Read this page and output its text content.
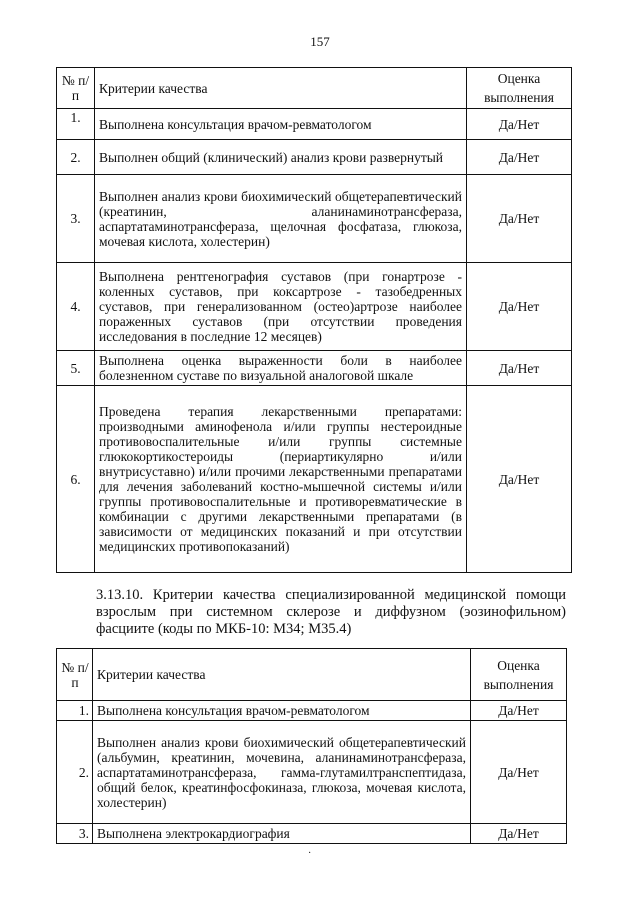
157
№ п/п	Критерии качества	Оценка выполнения
1.	Выполнена консультация врачом-ревматологом	Да/Нет
2.	Выполнен общий (клинический) анализ крови развернутый	Да/Нет
3.	Выполнен анализ крови биохимический общетерапевтический (креатинин, аланинаминотрансфераза, аспартатаминотрансфераза, щелочная фосфатаза, глюкоза, мочевая кислота, холестерин)	Да/Нет
4.	Выполнена рентгенография суставов (при гонартрозе - коленных суставов, при коксартрозе - тазобедренных суставов, при генерализованном (остео)артрозе наиболее пораженных суставов (при отсутствии проведения исследования в последние 12 месяцев)	Да/Нет
5.	Выполнена оценка выраженности боли в наиболее болезненном суставе по визуальной аналоговой шкале	Да/Нет
6.	Проведена терапия лекарственными препаратами: производными аминофенола и/или группы нестероидные противовоспалительные и/или группы системные глюкокортикостероиды (периартикулярно и/или внутрисуставно) и/или прочими лекарственными препаратами для лечения заболеваний костно-мышечной системы и/или группы противовоспалительные и противоревматические в комбинации с другими лекарственными препаратами (в зависимости от медицинских показаний и при отсутствии медицинских противопоказаний)	Да/Нет
3.13.10. Критерии качества специализированной медицинской помощи взрослым при системном склерозе и диффузном (эозинофильном) фасциите (коды по МКБ-10: M34; M35.4)
№ п/п	Критерии качества	Оценка выполнения
1.	Выполнена консультация врачом-ревматологом	Да/Нет
2.	Выполнен анализ крови биохимический общетерапевтический (альбумин, креатинин, мочевина, аланинаминотрансфераза, аспартатаминотрансфераза, гамма-глутамилтранспептидаза, общий белок, креатинфосфокиназа, глюкоза, мочевая кислота, холестерин)	Да/Нет
3.	Выполнена электрокардиография	Да/Нет
·
